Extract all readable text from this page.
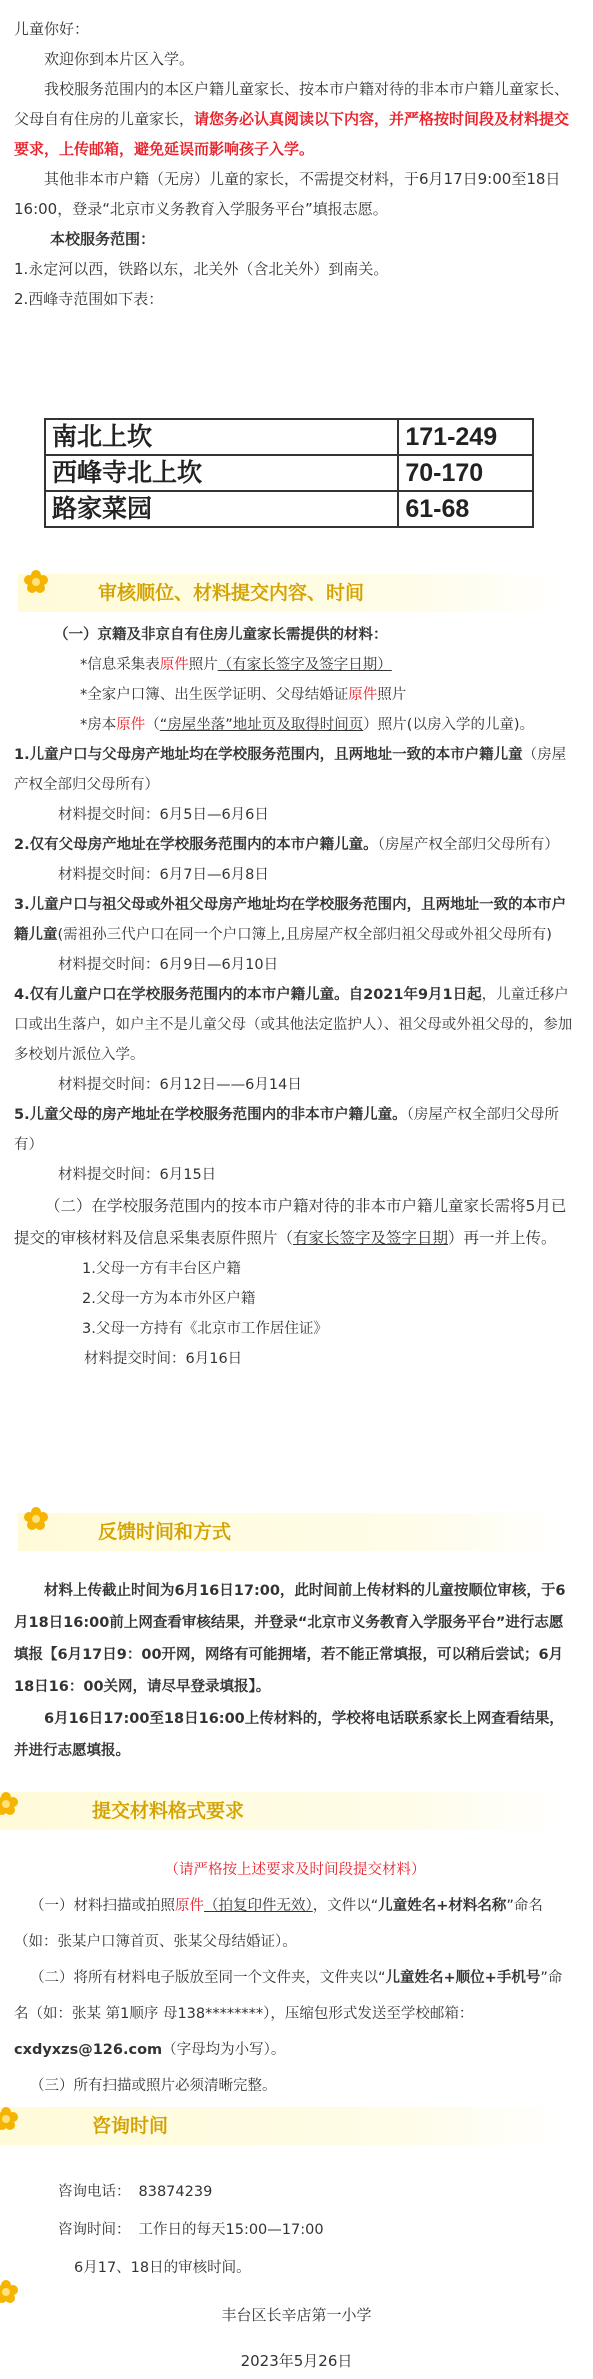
儿童你好：

欢迎你到本片区入学。

我校服务范围内的本区户籍儿童家长、按本市户籍对待的非本市户籍儿童家长、父母自有住房的儿童家长，请您务必认真阅读以下内容，并严格按时间段及材料提交要求，上传邮箱，避免延误而影响孩子入学。

其他非本市户籍（无房）儿童的家长，不需提交材料，于6月17日9:00至18日16:00，登录“北京市义务教育入学服务平台”填报志愿。

本校服务范围：

1.永定河以西，铁路以东，北关外（含北关外）到南关。

2.西峰寺范围如下表：

南北上坎	171-249
西峰寺北上坎	70-170
路家菜园	61-68
审核顺位、材料提交内容、时间

（一）京籍及非京自有住房儿童家长需提供的材料：

*信息采集表原件照片（有家长签字及签字日期）

*全家户口簿、出生医学证明、父母结婚证原件照片

*房本原件（“房屋坐落”地址页及取得时间页）照片(以房入学的儿童)。

1.儿童户口与父母房产地址均在学校服务范围内，且两地址一致的本市户籍儿童（房屋产权全部归父母所有）

材料提交时间：6月5日—6月6日

2.仅有父母房产地址在学校服务范围内的本市户籍儿童。（房屋产权全部归父母所有）

材料提交时间：6月7日—6月8日

3.儿童户口与祖父母或外祖父母房产地址均在学校服务范围内，且两地址一致的本市户籍儿童(需祖孙三代户口在同一个户口簿上,且房屋产权全部归祖父母或外祖父母所有)

材料提交时间：6月9日—6月10日

4.仅有儿童户口在学校服务范围内的本市户籍儿童。自2021年9月1日起，儿童迁移户口或出生落户，如户主不是儿童父母（或其他法定监护人）、祖父母或外祖父母的，参加多校划片派位入学。

材料提交时间：6月12日——6月14日

5.儿童父母的房产地址在学校服务范围内的非本市户籍儿童。（房屋产权全部归父母所有）

材料提交时间：6月15日

（二）在学校服务范围内的按本市户籍对待的非本市户籍儿童家长需将5月已提交的审核材料及信息采集表原件照片（有家长签字及签字日期）再一并上传。

1.父母一方有丰台区户籍

2.父母一方为本市外区户籍

3.父母一方持有《北京市工作居住证》

材料提交时间：6月16日

反馈时间和方式

材料上传截止时间为6月16日17:00，此时间前上传材料的儿童按顺位审核，于6月18日16:00前上网查看审核结果，并登录“北京市义务教育入学服务平台”进行志愿填报【6月17日9：00开网，网络有可能拥堵，若不能正常填报，可以稍后尝试；6月18日16：00关网，请尽早登录填报】。

6月16日17:00至18日16:00上传材料的，学校将电话联系家长上网查看结果，并进行志愿填报。

提交材料格式要求

（请严格按上述要求及时间段提交材料）

（一）材料扫描或拍照原件（拍复印件无效），文件以“儿童姓名+材料名称”命名（如：张某户口簿首页、张某父母结婚证）。

（二）将所有材料电子版放至同一个文件夹，文件夹以“儿童姓名+顺位+手机号”命名（如：张某 第1顺序 母138********），压缩包形式发送至学校邮箱：cxdyxzs@126.com（字母均为小写）。

（三）所有扫描或照片必须清晰完整。

咨询时间

咨询电话： 83874239

咨询时间： 工作日的每天15:00—17:00

6月17、18日的审核时间。

丰台区长辛店第一小学
2023年5月26日
